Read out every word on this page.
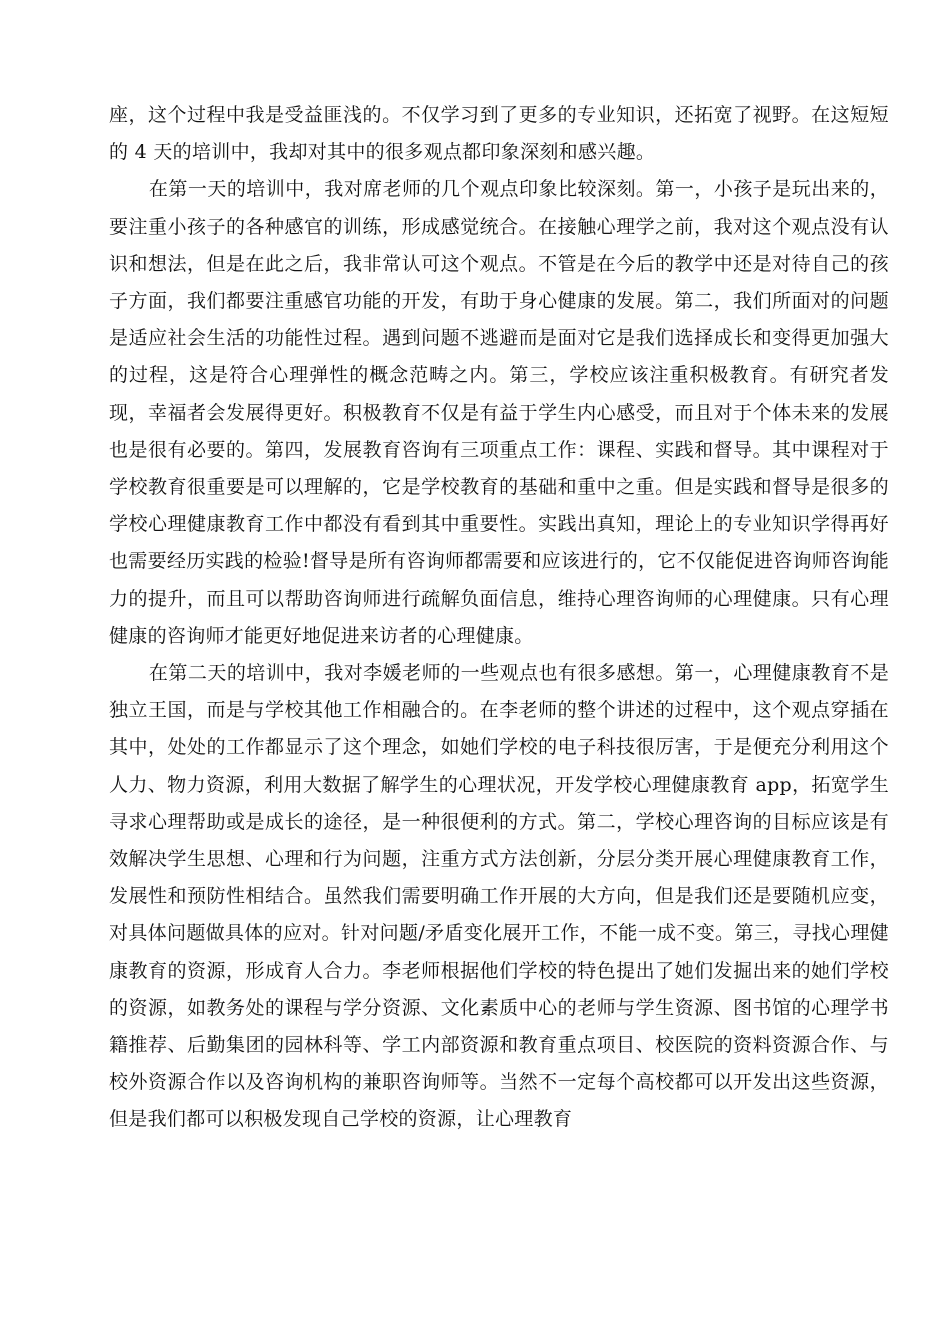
座，这个过程中我是受益匪浅的。不仅学习到了更多的专业知识，还拓宽了视野。在这短短的 4 天的培训中，我却对其中的很多观点都印象深刻和感兴趣。

在第一天的培训中，我对席老师的几个观点印象比较深刻。第一，小孩子是玩出来的，要注重小孩子的各种感官的训练，形成感觉统合。在接触心理学之前，我对这个观点没有认识和想法，但是在此之后，我非常认可这个观点。不管是在今后的教学中还是对待自己的孩子方面，我们都要注重感官功能的开发，有助于身心健康的发展。第二，我们所面对的问题是适应社会生活的功能性过程。遇到问题不逃避而是面对它是我们选择成长和变得更加强大的过程，这是符合心理弹性的概念范畴之内。第三，学校应该注重积极教育。有研究者发现，幸福者会发展得更好。积极教育不仅是有益于学生内心感受，而且对于个体未来的发展也是很有必要的。第四，发展教育咨询有三项重点工作：课程、实践和督导。其中课程对于学校教育很重要是可以理解的，它是学校教育的基础和重中之重。但是实践和督导是很多的学校心理健康教育工作中都没有看到其中重要性。实践出真知，理论上的专业知识学得再好也需要经历实践的检验!督导是所有咨询师都需要和应该进行的，它不仅能促进咨询师咨询能力的提升，而且可以帮助咨询师进行疏解负面信息，维持心理咨询师的心理健康。只有心理健康的咨询师才能更好地促进来访者的心理健康。

在第二天的培训中，我对李媛老师的一些观点也有很多感想。第一，心理健康教育不是独立王国，而是与学校其他工作相融合的。在李老师的整个讲述的过程中，这个观点穿插在其中，处处的工作都显示了这个理念，如她们学校的电子科技很厉害，于是便充分利用这个人力、物力资源，利用大数据了解学生的心理状况，开发学校心理健康教育 app，拓宽学生寻求心理帮助或是成长的途径，是一种很便利的方式。第二，学校心理咨询的目标应该是有效解决学生思想、心理和行为问题，注重方式方法创新，分层分类开展心理健康教育工作，发展性和预防性相结合。虽然我们需要明确工作开展的大方向，但是我们还是要随机应变，对具体问题做具体的应对。针对问题/矛盾变化展开工作，不能一成不变。第三，寻找心理健康教育的资源，形成育人合力。李老师根据他们学校的特色提出了她们发掘出来的她们学校的资源，如教务处的课程与学分资源、文化素质中心的老师与学生资源、图书馆的心理学书籍推荐、后勤集团的园林科等、学工内部资源和教育重点项目、校医院的资料资源合作、与校外资源合作以及咨询机构的兼职咨询师等。当然不一定每个高校都可以开发出这些资源，但是我们都可以积极发现自己学校的资源，让心理教育
